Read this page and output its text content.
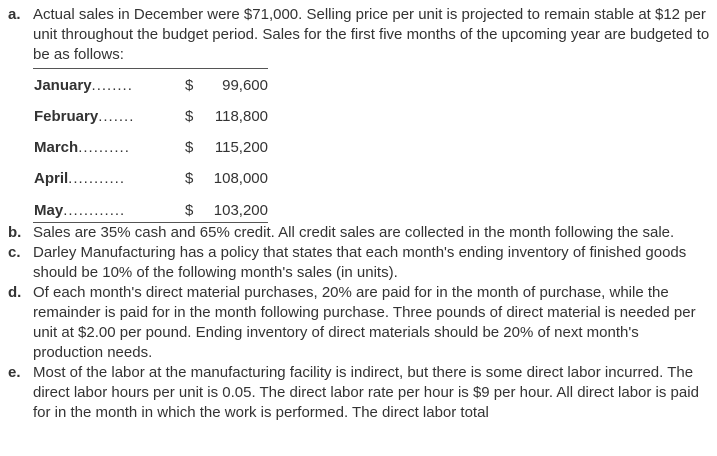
a. Actual sales in December were $71,000. Selling price per unit is projected to remain stable at $12 per unit throughout the budget period. Sales for the first five months of the upcoming year are budgeted to be as follows:
January ........	$	99,600
February .......	$	118,800
March ..........	$	115,200
April ...........	$	108,000
May ............	$	103,200
b. Sales are 35% cash and 65% credit. All credit sales are collected in the month following the sale.
c. Darley Manufacturing has a policy that states that each month's ending inventory of finished goods should be 10% of the following month's sales (in units).
d. Of each month's direct material purchases, 20% are paid for in the month of purchase, while the remainder is paid for in the month following purchase. Three pounds of direct material is needed per unit at $2.00 per pound. Ending inventory of direct materials should be 20% of next month's production needs.
e. Most of the labor at the manufacturing facility is indirect, but there is some direct labor incurred. The direct labor hours per unit is 0.05. The direct labor rate per hour is $9 per hour. All direct labor is paid for in the month in which the work is performed. The direct labor total
